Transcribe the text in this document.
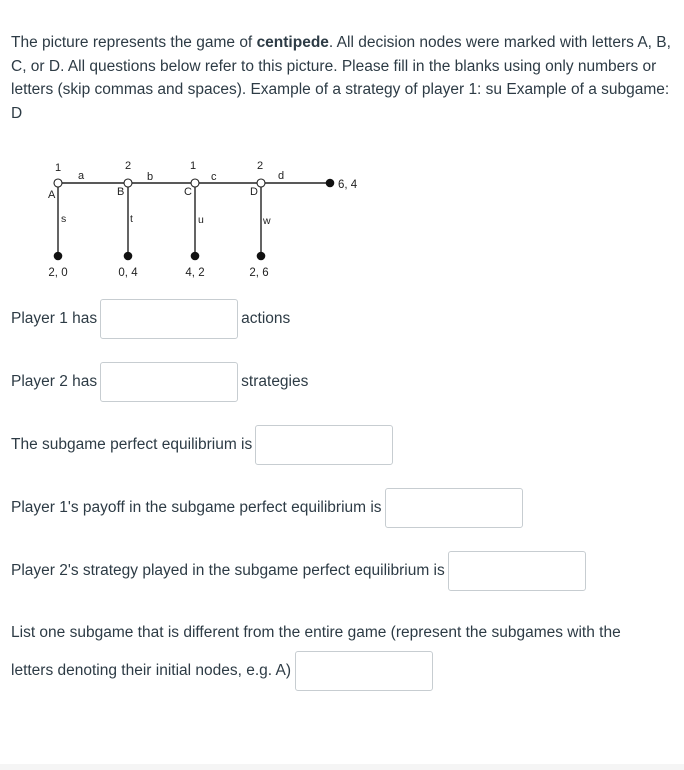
The picture represents the game of centipede. All decision nodes were marked with letters A, B, C, or D. All questions below refer to this picture. Please fill in the blanks using only numbers or letters (skip commas and spaces). Example of a strategy of player 1: su Example of a subgame: D
1	2	1	2
A	B	C	D
a	b	c	d
s	t	u	w
2, 0	0, 4	4, 2	2, 6
6, 4
Player 1 has	actions
Player 2 has	strategies
The subgame perfect equilibrium is
Player 1's payoff in the subgame perfect equilibrium is
Player 2's strategy played in the subgame perfect equilibrium is
List one subgame that is different from the entire game (represent the subgames with the
letters denoting their initial nodes, e.g. A)
